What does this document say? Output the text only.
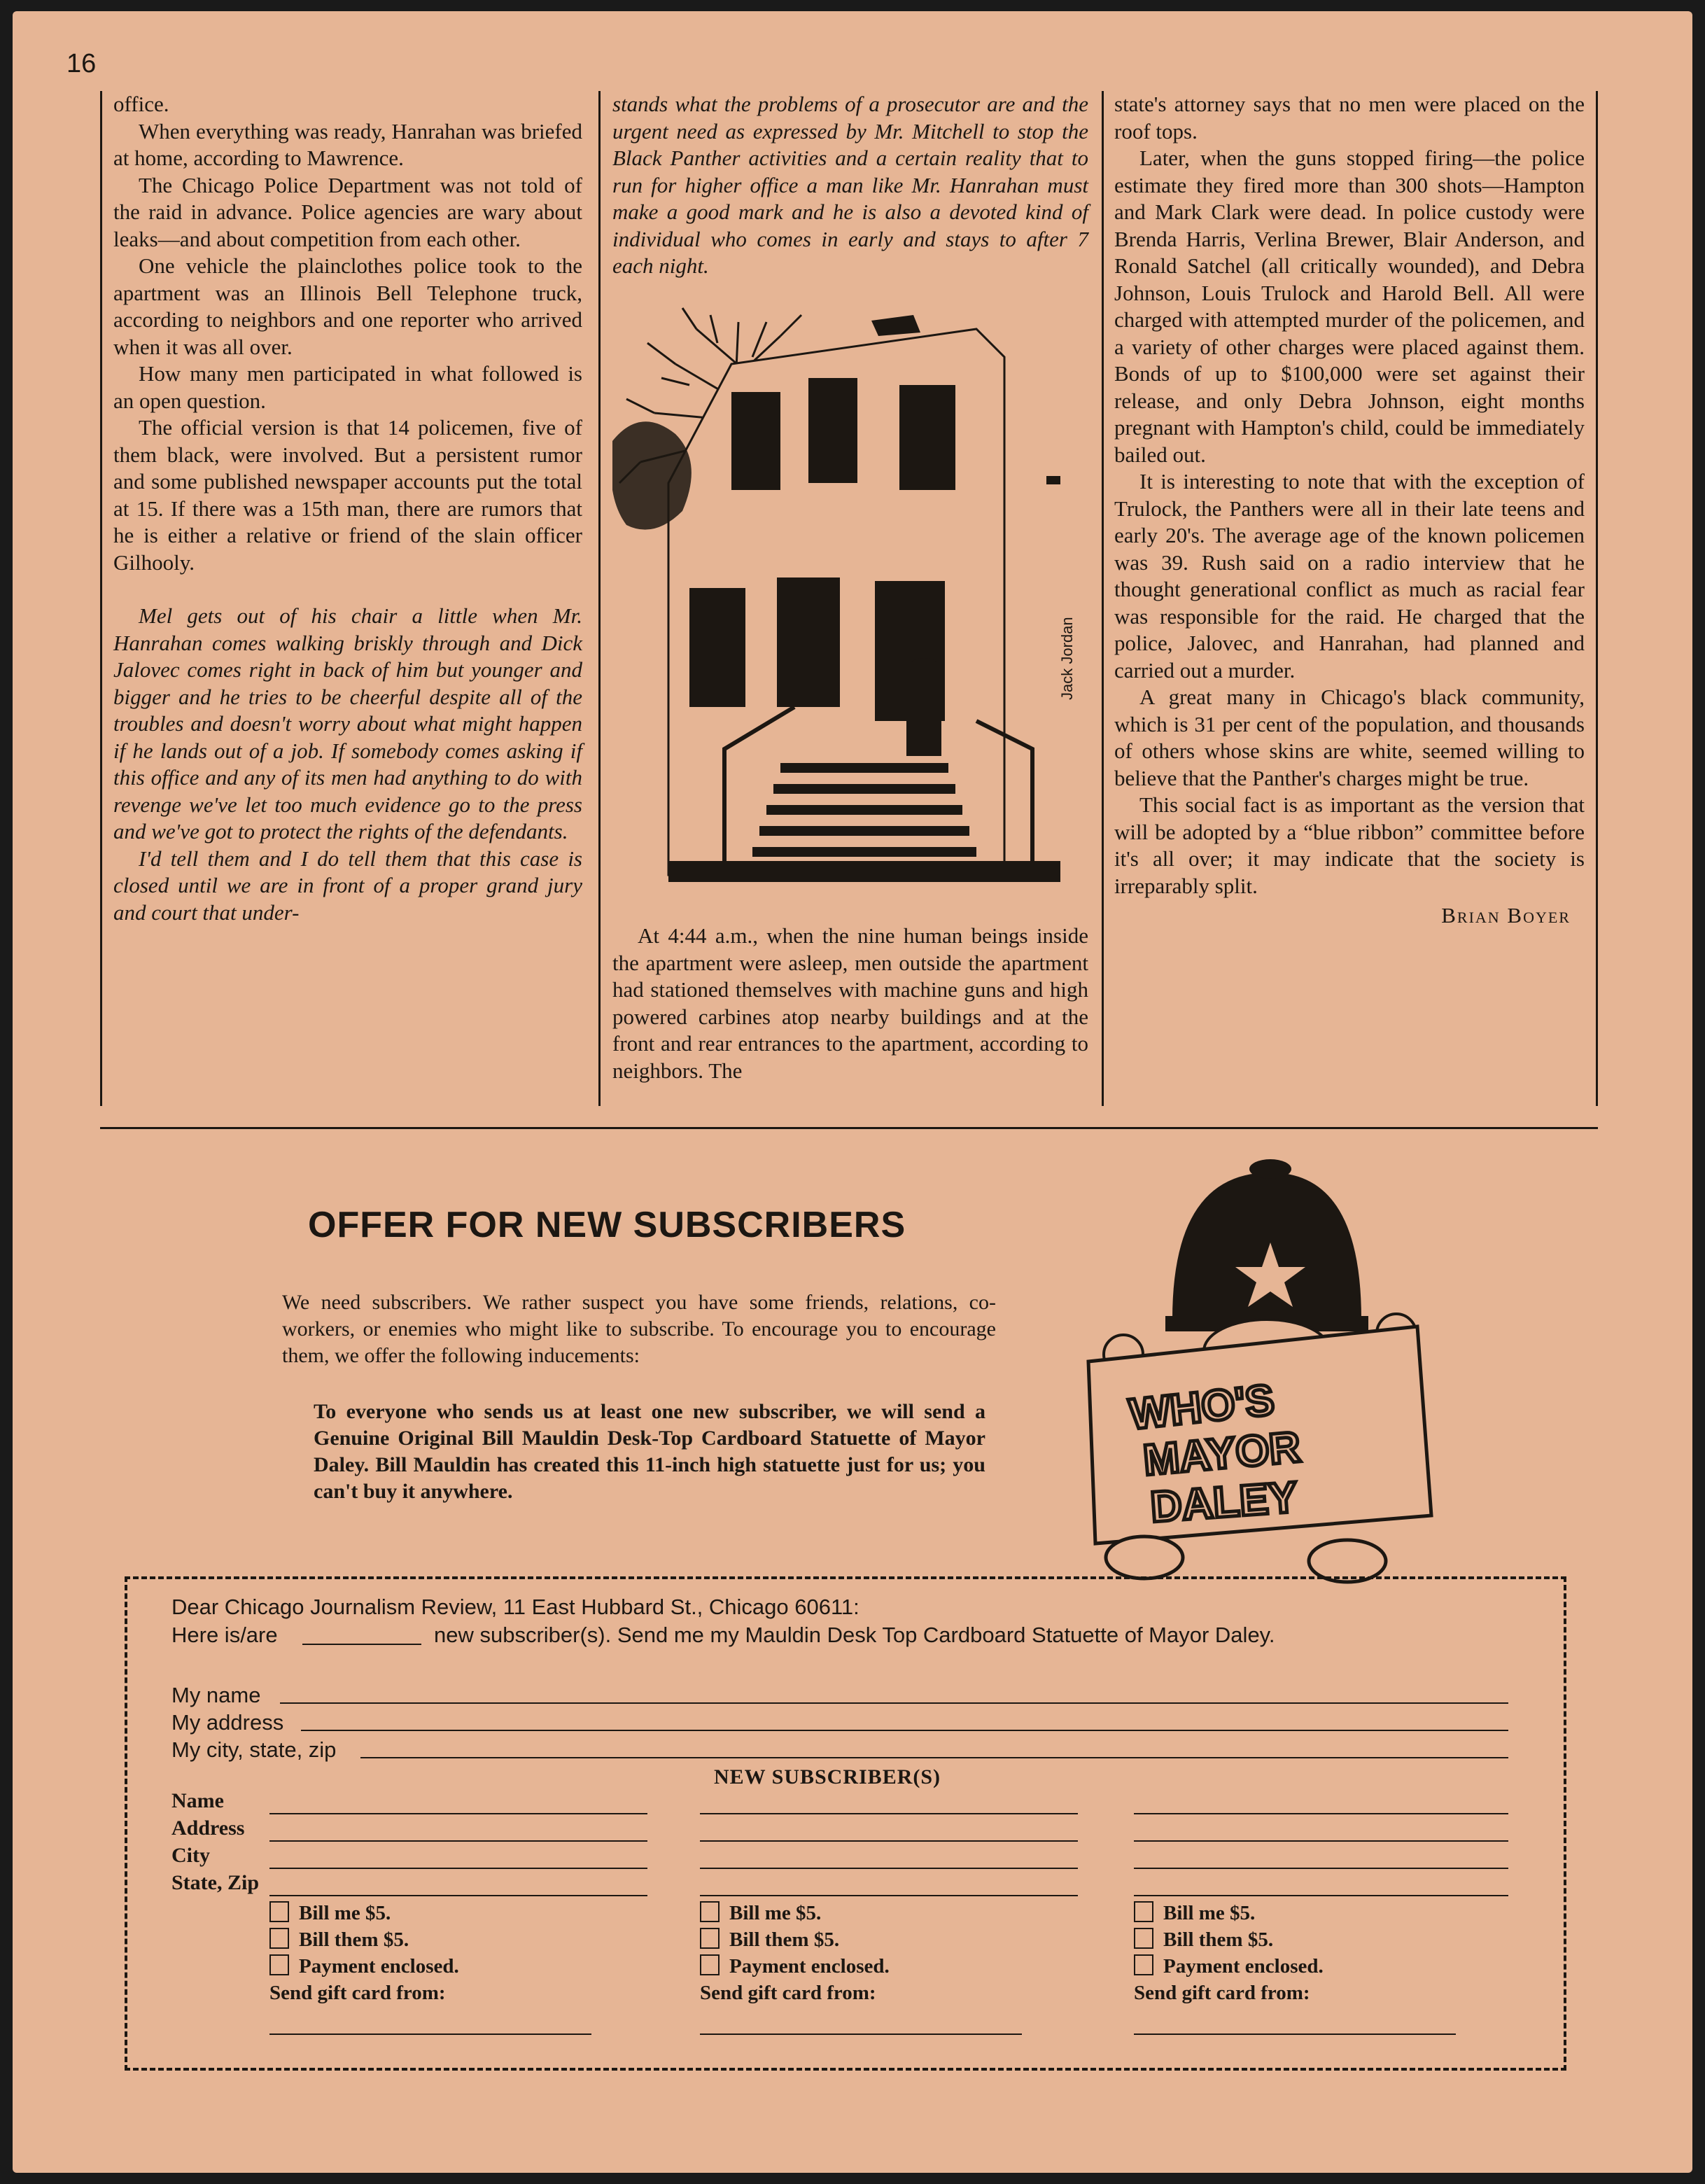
16

office.

When everything was ready, Hanrahan was briefed at home, according to Mawrence.

The Chicago Police Department was not told of the raid in advance. Police agencies are wary about leaks—and about competition from each other.

One vehicle the plainclothes police took to the apartment was an Illinois Bell Telephone truck, according to neighbors and one reporter who arrived when it was all over.

How many men participated in what followed is an open question.

The official version is that 14 policemen, five of them black, were involved. But a persistent rumor and some published newspaper accounts put the total at 15. If there was a 15th man, there are rumors that he is either a relative or friend of the slain officer Gilhooly.

Mel gets out of his chair a little when Mr. Hanrahan comes walking briskly through and Dick Jalovec comes right in back of him but younger and bigger and he tries to be cheerful despite all of the troubles and doesn't worry about what might happen if he lands out of a job. If somebody comes asking if this office and any of its men had anything to do with revenge we've let too much evidence go to the press and we've got to protect the rights of the defendants.

I'd tell them and I do tell them that this case is closed until we are in front of a proper grand jury and court that under-

stands what the problems of a prosecutor are and the urgent need as expressed by Mr. Mitchell to stop the Black Panther activities and a certain reality that to run for higher office a man like Mr. Hanrahan must make a good mark and he is also a devoted kind of individual who comes in early and stays to after 7 each night.

At 4:44 a.m., when the nine human beings inside the apartment were asleep, men outside the apartment had stationed themselves with machine guns and high powered carbines atop nearby buildings and at the front and rear entrances to the apartment, according to neighbors. The

Jack Jordan

state's attorney says that no men were placed on the roof tops.

Later, when the guns stopped firing—the police estimate they fired more than 300 shots—Hampton and Mark Clark were dead. In police custody were Brenda Harris, Verlina Brewer, Blair Anderson, and Ronald Satchel (all critically wounded), and Debra Johnson, Louis Trulock and Harold Bell. All were charged with attempted murder of the policemen, and a variety of other charges were placed against them. Bonds of up to $100,000 were set against their release, and only Debra Johnson, eight months pregnant with Hampton's child, could be immediately bailed out.

It is interesting to note that with the exception of Trulock, the Panthers were all in their late teens and early 20's. The average age of the known policemen was 39. Rush said on a radio interview that he thought generational conflict as much as racial fear was responsible for the raid. He charged that the police, Jalovec, and Hanrahan, had planned and carried out a murder.

A great many in Chicago's black community, which is 31 per cent of the population, and thousands of others whose skins are white, seemed willing to believe that the Panther's charges might be true.

This social fact is as important as the version that will be adopted by a “blue ribbon” committee before it's all over; it may indicate that the society is irreparably split.

Brian Boyer
OFFER FOR NEW SUBSCRIBERS
We need subscribers. We rather suspect you have some friends, relations, co-workers, or enemies who might like to subscribe. To encourage you to encourage them, we offer the following inducements:
To everyone who sends us at least one new subscriber, we will send a Genuine Original Bill Mauldin Desk-Top Cardboard Statuette of Mayor Daley. Bill Mauldin has created this 11-inch high statuette just for us; you can't buy it anywhere.
WHO'S
MAYOR
DALEY
Dear Chicago Journalism Review, 11 East Hubbard St., Chicago 60611:
Here is/are	new subscriber(s). Send me my Mauldin Desk Top Cardboard Statuette of Mayor Daley.
My name
My address
My city, state, zip
NEW SUBSCRIBER(S)
Name
Address
City
State, Zip
Bill me $5.
Bill them $5.
Payment enclosed.
Send gift card from:
Bill me $5.
Bill them $5.
Payment enclosed.
Send gift card from:
Bill me $5.
Bill them $5.
Payment enclosed.
Send gift card from:
